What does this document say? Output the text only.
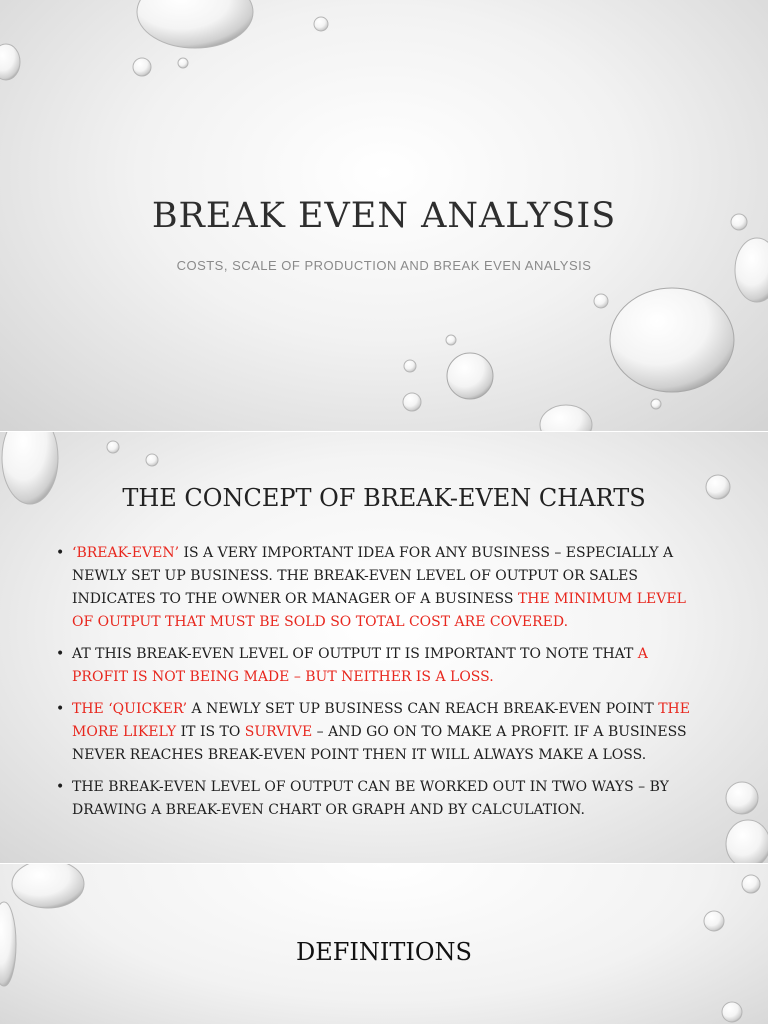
BREAK EVEN ANALYSIS
COSTS, SCALE OF PRODUCTION AND BREAK EVEN ANALYSIS
THE CONCEPT OF BREAK-EVEN CHARTS
• ‘BREAK-EVEN’ IS A VERY IMPORTANT IDEA FOR ANY BUSINESS – ESPECIALLY A NEWLY SET UP BUSINESS. THE BREAK-EVEN LEVEL OF OUTPUT OR SALES INDICATES TO THE OWNER OR MANAGER OF A BUSINESS THE MINIMUM LEVEL OF OUTPUT THAT MUST BE SOLD SO TOTAL COST ARE COVERED.
• AT THIS BREAK-EVEN LEVEL OF OUTPUT IT IS IMPORTANT TO NOTE THAT A PROFIT IS NOT BEING MADE – BUT NEITHER IS A LOSS.
• THE ‘QUICKER’ A NEWLY SET UP BUSINESS CAN REACH BREAK-EVEN POINT THE MORE LIKELY IT IS TO SURVIVE – AND GO ON TO MAKE A PROFIT. IF A BUSINESS NEVER REACHES BREAK-EVEN POINT THEN IT WILL ALWAYS MAKE A LOSS.
• THE BREAK-EVEN LEVEL OF OUTPUT CAN BE WORKED OUT IN TWO WAYS – BY DRAWING A BREAK-EVEN CHART OR GRAPH AND BY CALCULATION.
DEFINITIONS
